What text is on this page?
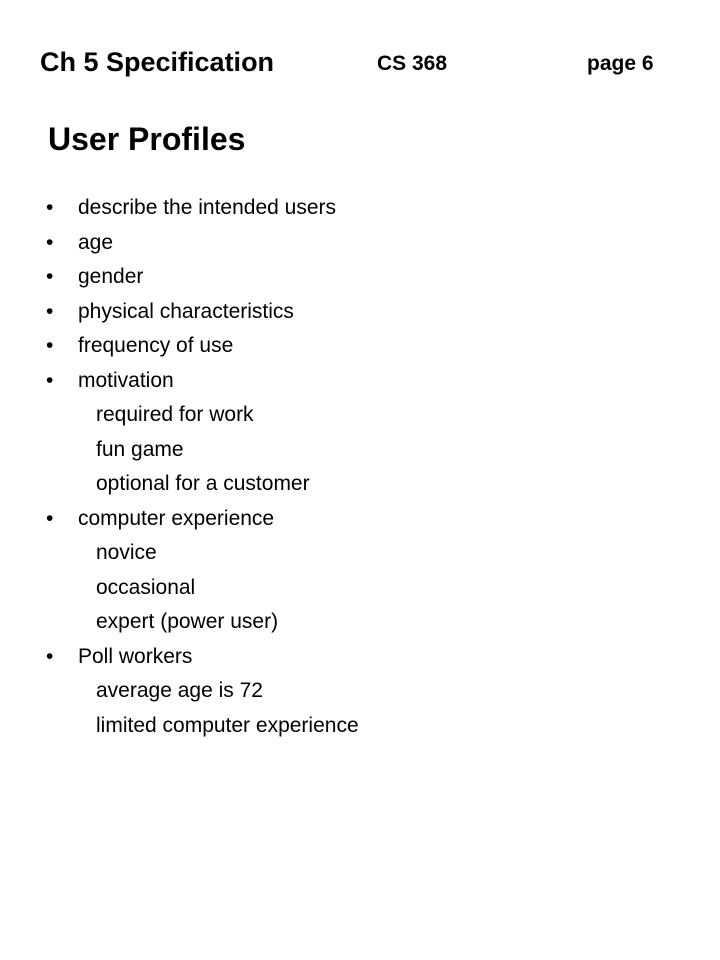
Ch 5 Specification	CS 368	page 6
User Profiles
• describe the intended users
• age
• gender
• physical characteristics
• frequency of use
• motivation
required for work
fun game
optional for a customer
• computer experience
novice
occasional
expert (power user)
• Poll workers
average age is 72
limited computer experience
